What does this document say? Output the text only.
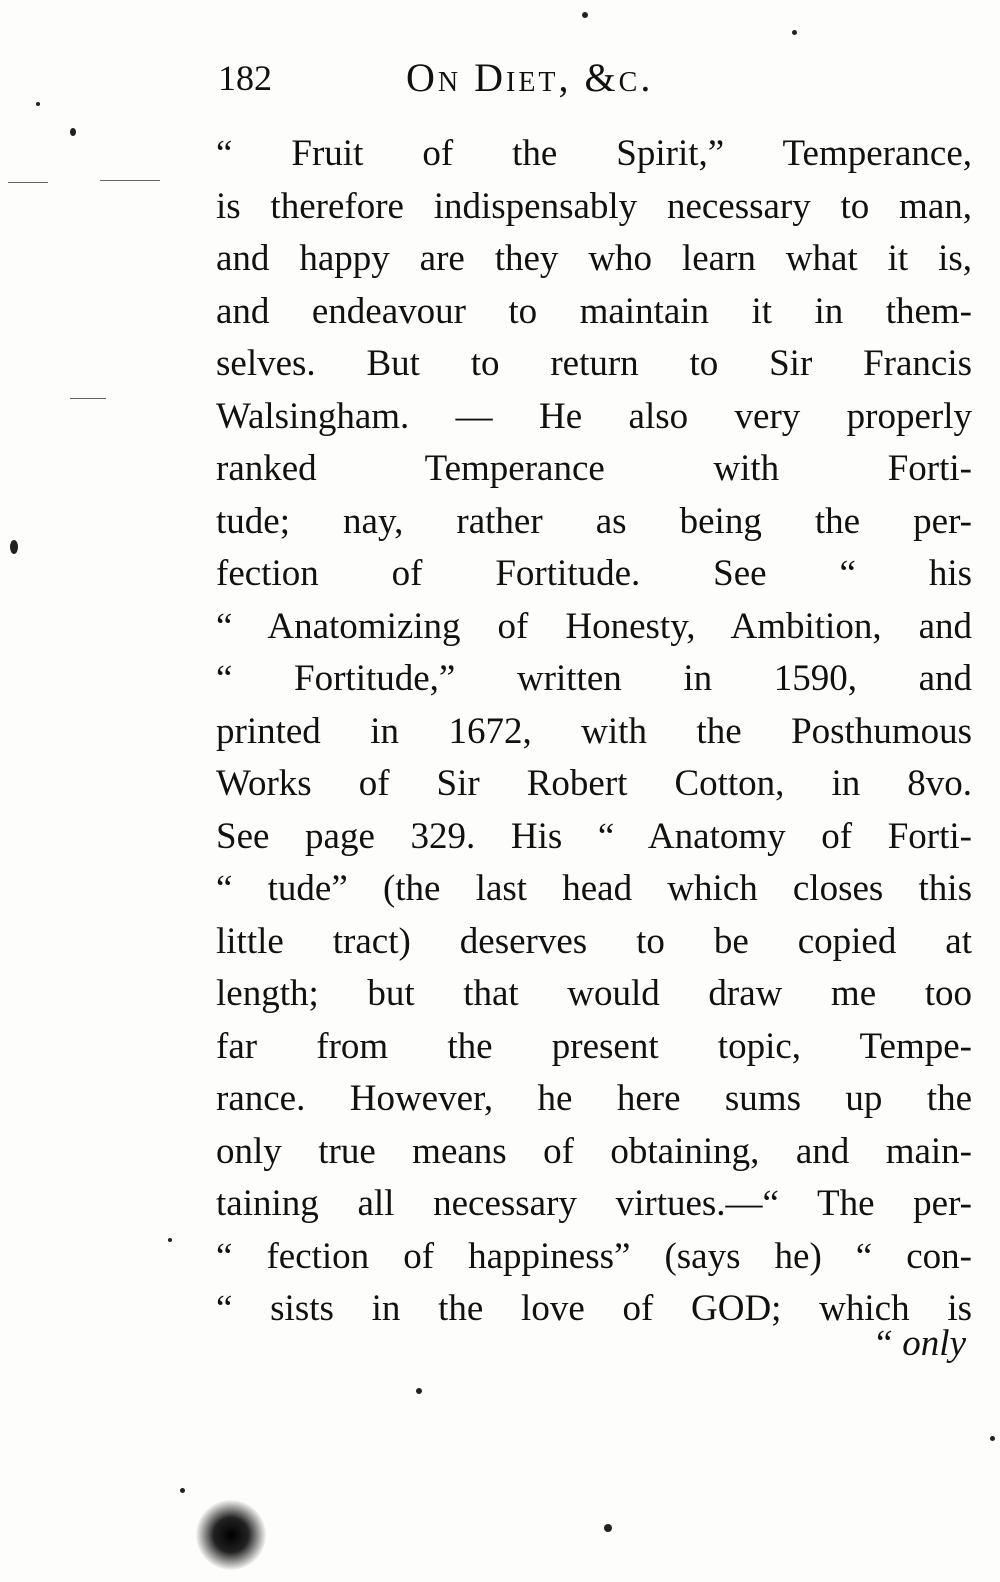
182	On Diet, &c.
“ Fruit of the Spirit,” Temperance,
is therefore indispensably necessary to man,
and happy are they who learn what it is,
and endeavour to maintain it in them-
selves. But to return to Sir Francis
Walsingham. — He also very properly
ranked Temperance with Forti-
tude; nay, rather as being the per-
fection of Fortitude. See “ his
“ Anatomizing of Honesty, Ambition, and
“ Fortitude,” written in 1590, and
printed in 1672, with the Posthumous
Works of Sir Robert Cotton, in 8vo.
See page 329. His “ Anatomy of Forti-
“ tude” (the last head which closes this
little tract) deserves to be copied at
length; but that would draw me too
far from the present topic, Tempe-
rance. However, he here sums up the
only true means of obtaining, and main-
taining all necessary virtues.—“ The per-
“ fection of happiness” (says he) “ con-
“ sists in the love of GOD; which is
“ only
